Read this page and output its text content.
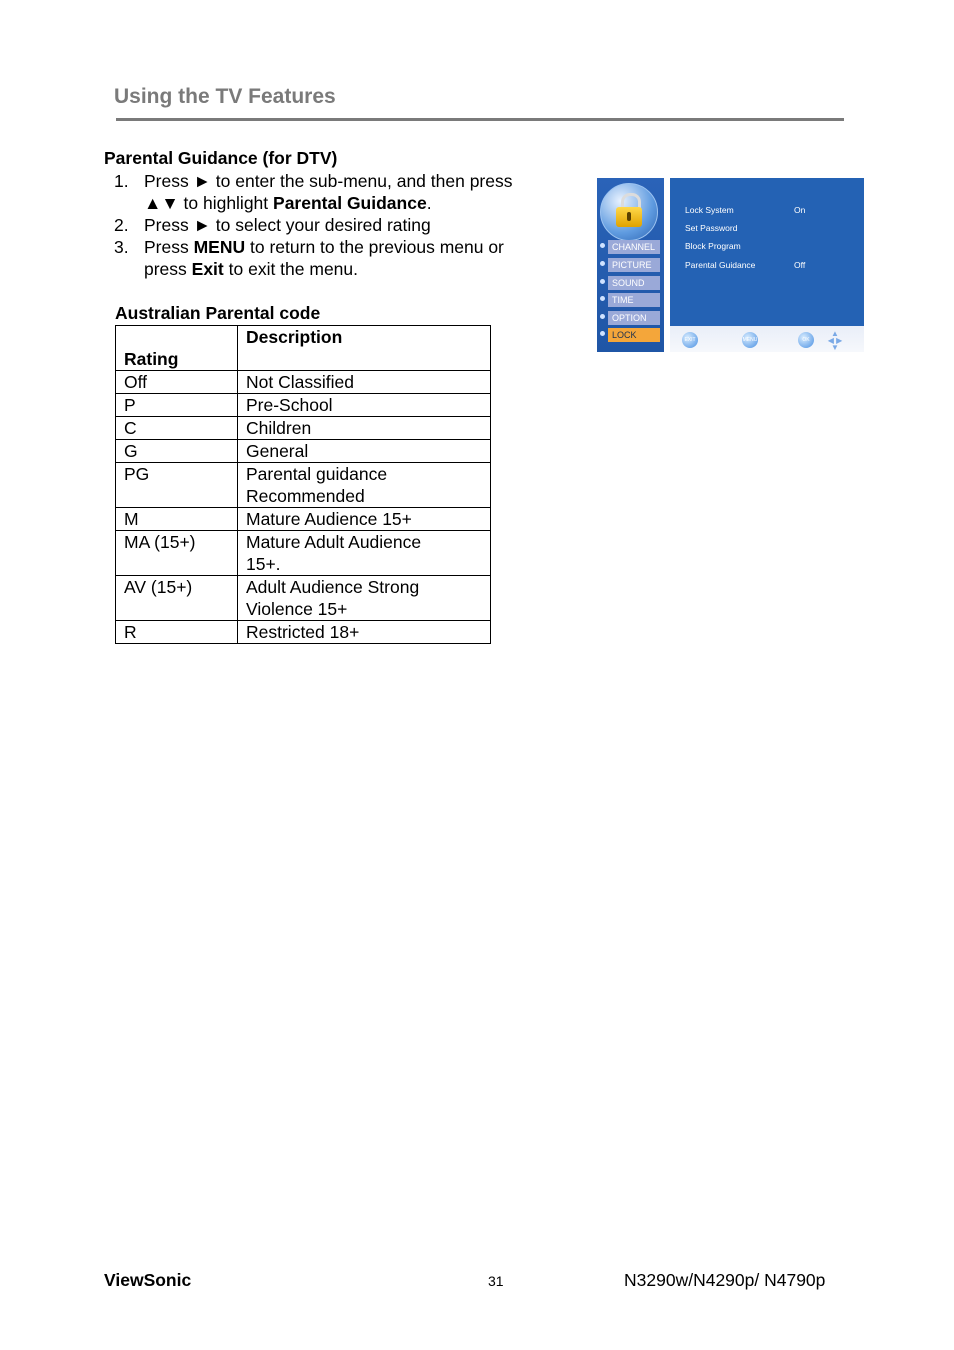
Using the TV Features
Parental Guidance (for DTV)
1. Press ► to enter the sub-menu, and then press
▲▼ to highlight Parental Guidance.
2. Press ► to select your desired rating
3. Press MENU to return to the previous menu or
press Exit to exit the menu.
Australian Parental code
Rating	Description
Off	Not Classified

P	Pre-School

C	Children

G	General

PG	Parental guidance
Recommended

M	Mature Audience 15+

MA (15+)	Mature Adult Audience
15+.

AV (15+)	Adult Audience Strong
Violence 15+

R	Restricted 18+
CHANNEL
PICTURE
SOUND
TIME
OPTION
LOCK
Lock System	On
Set Password
Block Program
Parental Guidance	Off
EXIT	MENU	OK
▲
◀ ▶
▼
ViewSonic	31	N3290w/N4290p/ N4790p
